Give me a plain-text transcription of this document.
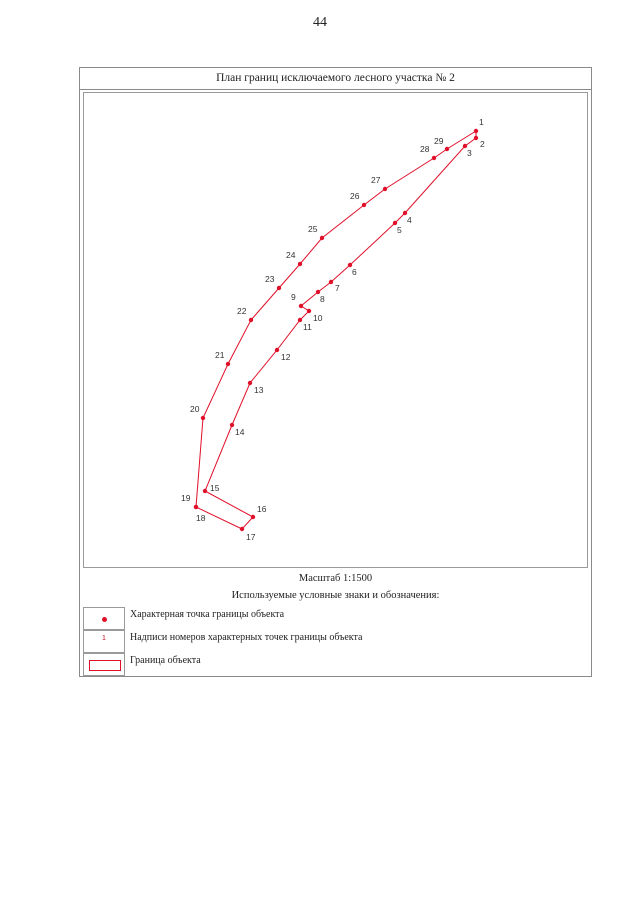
44
План границ исключаемого лесного участка № 2
1
2
3
4
5
6
7
8
9
10
11
12
13
14
15
16
17
18
19
20
21
22
23
24
25
26
27
28
29
Масштаб 1:1500
Используемые условные знаки и обозначения:
Характерная точка границы объекта
1	Надписи номеров характерных точек границы объекта
Граница объекта
